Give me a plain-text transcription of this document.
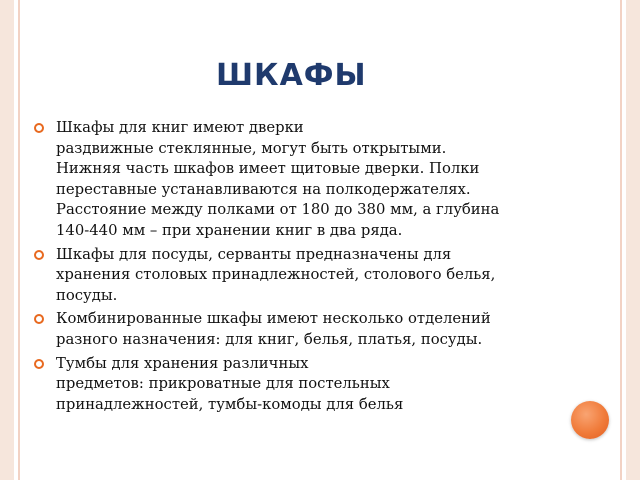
ШКАФЫ
Шкафы для книг имеют дверки
раздвижные стеклянные, могут быть открытыми.
Нижняя часть шкафов имеет щитовые дверки. Полки
переставные устанавливаются на полкодержателях.
Расстояние между полками от 180 до 380 мм, а глубина
140-440 мм – при хранении книг в два ряда.
Шкафы для посуды, серванты предназначены для
хранения столовых принадлежностей, столового белья,
посуды.
Комбинированные шкафы имеют несколько отделений
разного назначения: для книг, белья, платья, посуды.
Тумбы для хранения различных
предметов: прикроватные для постельных
принадлежностей, тумбы-комоды для белья
